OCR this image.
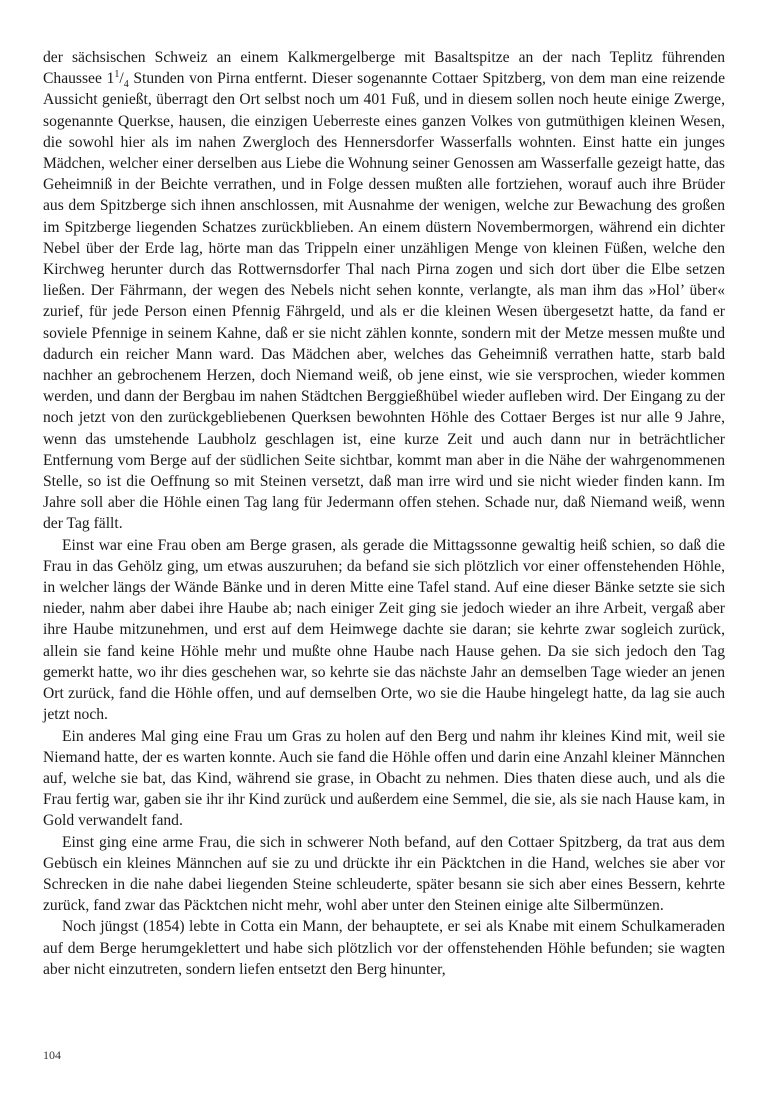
der sächsischen Schweiz an einem Kalkmergelberge mit Basaltspitze an der nach Teplitz führenden Chaussee $1^1/_4$ Stunden von Pirna entfernt. Dieser sogenannte Cottaer Spitzberg, von dem man eine reizende Aussicht genießt, überragt den Ort selbst noch um 401 Fuß, und in diesem sollen noch heute einige Zwerge, sogenannte Querkse, hausen, die einzigen Ueberreste eines ganzen Volkes von gutmüthigen kleinen Wesen, die sowohl hier als im nahen Zwergloch des Hennersdorfer Wasserfalls wohnten. Einst hatte ein junges Mädchen, welcher einer derselben aus Liebe die Wohnung seiner Genossen am Wasserfalle gezeigt hatte, das Geheimniß in der Beichte verrathen, und in Folge dessen mußten alle fortziehen, worauf auch ihre Brüder aus dem Spitzberge sich ihnen anschlossen, mit Ausnahme der wenigen, welche zur Bewachung des großen im Spitzberge liegenden Schatzes zurückblieben. An einem düstern Novembermorgen, während ein dichter Nebel über der Erde lag, hörte man das Trippeln einer unzähligen Menge von kleinen Füßen, welche den Kirchweg herunter durch das Rottwernsdorfer Thal nach Pirna zogen und sich dort über die Elbe setzen ließen. Der Fährmann, der wegen des Nebels nicht sehen konnte, verlangte, als man ihm das »Hol’ über« zurief, für jede Person einen Pfennig Fährgeld, und als er die kleinen Wesen übergesetzt hatte, da fand er soviele Pfennige in seinem Kahne, daß er sie nicht zählen konnte, sondern mit der Metze messen mußte und dadurch ein reicher Mann ward. Das Mädchen aber, welches das Geheimniß verrathen hatte, starb bald nachher an gebrochenem Herzen, doch Niemand weiß, ob jene einst, wie sie versprochen, wieder kommen werden, und dann der Bergbau im nahen Städtchen Berggießhübel wieder aufleben wird. Der Eingang zu der noch jetzt von den zurückgebliebenen Querksen bewohnten Höhle des Cottaer Berges ist nur alle 9 Jahre, wenn das umstehende Laubholz geschlagen ist, eine kurze Zeit und auch dann nur in beträchtlicher Entfernung vom Berge auf der südlichen Seite sichtbar, kommt man aber in die Nähe der wahrgenommenen Stelle, so ist die Oeffnung so mit Steinen versetzt, daß man irre wird und sie nicht wieder finden kann. Im Jahre soll aber die Höhle einen Tag lang für Jedermann offen stehen. Schade nur, daß Niemand weiß, wenn der Tag fällt.

Einst war eine Frau oben am Berge grasen, als gerade die Mittagssonne gewaltig heiß schien, so daß die Frau in das Gehölz ging, um etwas auszuruhen; da befand sie sich plötzlich vor einer offenstehenden Höhle, in welcher längs der Wände Bänke und in deren Mitte eine Tafel stand. Auf eine dieser Bänke setzte sie sich nieder, nahm aber dabei ihre Haube ab; nach einiger Zeit ging sie jedoch wieder an ihre Arbeit, vergaß aber ihre Haube mitzunehmen, und erst auf dem Heimwege dachte sie daran; sie kehrte zwar sogleich zurück, allein sie fand keine Höhle mehr und mußte ohne Haube nach Hause gehen. Da sie sich jedoch den Tag gemerkt hatte, wo ihr dies geschehen war, so kehrte sie das nächste Jahr an demselben Tage wieder an jenen Ort zurück, fand die Höhle offen, und auf demselben Orte, wo sie die Haube hingelegt hatte, da lag sie auch jetzt noch.

Ein anderes Mal ging eine Frau um Gras zu holen auf den Berg und nahm ihr kleines Kind mit, weil sie Niemand hatte, der es warten konnte. Auch sie fand die Höhle offen und darin eine Anzahl kleiner Männchen auf, welche sie bat, das Kind, während sie grase, in Obacht zu nehmen. Dies thaten diese auch, und als die Frau fertig war, gaben sie ihr ihr Kind zurück und außerdem eine Semmel, die sie, als sie nach Hause kam, in Gold verwandelt fand.

Einst ging eine arme Frau, die sich in schwerer Noth befand, auf den Cottaer Spitzberg, da trat aus dem Gebüsch ein kleines Männchen auf sie zu und drückte ihr ein Päcktchen in die Hand, welches sie aber vor Schrecken in die nahe dabei liegenden Steine schleuderte, später besann sie sich aber eines Bessern, kehrte zurück, fand zwar das Päcktchen nicht mehr, wohl aber unter den Steinen einige alte Silbermünzen.

Noch jüngst (1854) lebte in Cotta ein Mann, der behauptete, er sei als Knabe mit einem Schulkameraden auf dem Berge herumgeklettert und habe sich plötzlich vor der offenstehenden Höhle befunden; sie wagten aber nicht einzutreten, sondern liefen entsetzt den Berg hinunter,

104
